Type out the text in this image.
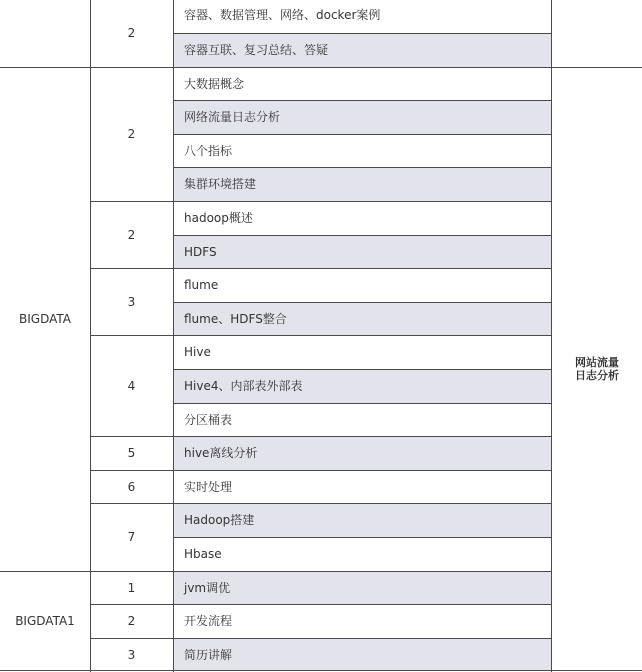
容器、数据管理、网络、docker案例
容器互联、复习总结、答疑
大数据概念
网络流量日志分析
八个指标
集群环境搭建
hadoop概述
HDFS
flume
flume、HDFS整合
Hive
Hive4、内部表外部表
分区桶表
hive离线分析
实时处理
Hadoop搭建
Hbase
jvm调优
开发流程
简历讲解
2
2
2
3
4
5
6
7
1
2
3
BIGDATA
BIGDATA1
网站流量日志分析
